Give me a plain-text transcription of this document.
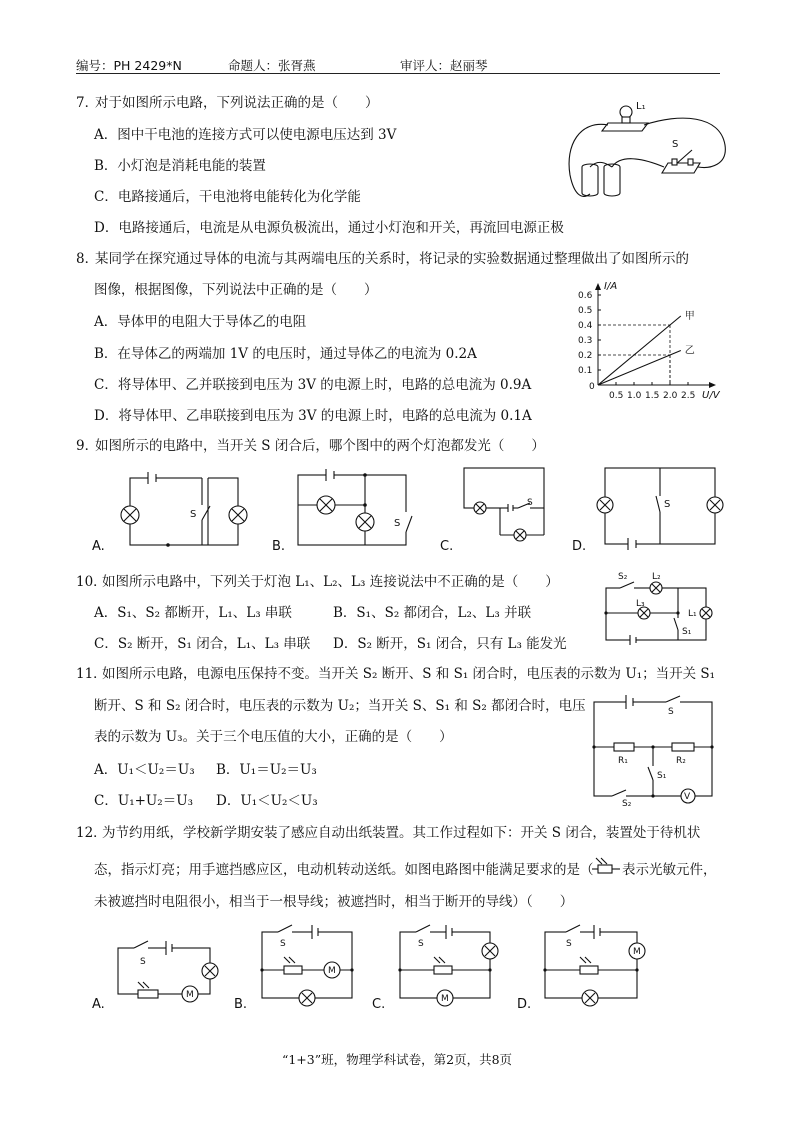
编号：PH 2429*N	命题人：张胥燕	审评人：赵丽琴
7．
对于如图所示电路，下列说法正确的是（　　）
A．图中干电池的连接方式可以使电源电压达到 3V
B．小灯泡是消耗电能的装置
C．电路接通后，干电池将电能转化为化学能
D．电路接通后，电流是从电源负极流出，通过小灯泡和开关，再流回电源正极
L₁
S
8．
某同学在探究通过导体的电流与其两端电压的关系时，将记录的实验数据通过整理做出了如图所示的
图像，根据图像，下列说法中正确的是（　　）
A．导体甲的电阻大于导体乙的电阻
B．在导体乙的两端加 1V 的电压时，通过导体乙的电流为 0.2A
C．将导体甲、乙并联接到电压为 3V 的电源上时，电路的总电流为 0.9A
D．将导体甲、乙串联接到电压为 3V 的电源上时，电路的总电流为 0.1A
I/A
U/V
0
0.1
0.2
0.3
0.4
0.5
0.6
0.5 1.0 1.5 2.0 2.5
甲
乙
9．
如图所示的电路中，当开关 S 闭合后，哪个图中的两个灯泡都发光（　　）
S
A.
S
B.
S
C.
S
D.
10．
如图所示电路中，下列关于灯泡 L₁、L₂、L₃ 连接说法中不正确的是（　　）
A．S₁、S₂ 都断开，L₁、L₃ 串联	B．S₁、S₂ 都闭合，L₂、L₃ 并联
C．S₂ 断开，S₁ 闭合，L₁、L₃ 串联 D．S₂ 断开，S₁ 闭合，只有 L₃ 能发光
L₂
L₃
L₁
S₂
S₁
11．
如图所示电路，电源电压保持不变。当开关 S₂ 断开、S 和 S₁ 闭合时，电压表的示数为 U₁；当开关 S₁
断开、S 和 S₂ 闭合时，电压表的示数为 U₂；当开关 S、S₁ 和 S₂ 都闭合时，电压
表的示数为 U₃。关于三个电压值的大小，正确的是（　　）
A．U₁＜U₂＝U₃ B．U₁＝U₂＝U₃
C．U₁+U₂＝U₃ D．U₁＜U₂＜U₃
S
R₁	R₂
S₁
S₂
V
12．
为节约用纸，学校新学期安装了感应自动出纸装置。其工作过程如下：开关 S 闭合，装置处于待机状
态，指示灯亮；用手遮挡感应区，电动机转动送纸。如图电路图中能满足要求的是（ 表示光敏元件，
未被遮挡时电阻很小，相当于一根导线；被遮挡时，相当于断开的导线）（　　）
S
M
A.
S
M
B.
S
M
C.
S
M
D.
“1+3”班，物理学科试卷，第2页，共8页
